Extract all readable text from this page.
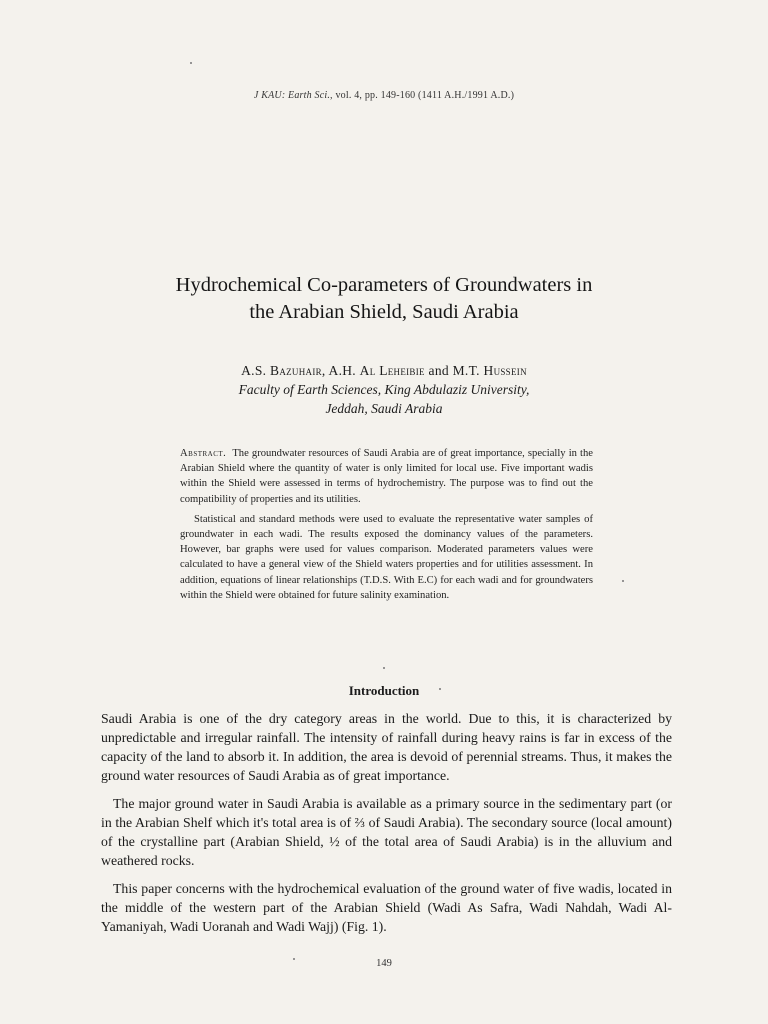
J KAU: Earth Sci., vol. 4, pp. 149-160 (1411 A.H./1991 A.D.)
Hydrochemical Co-parameters of Groundwaters in
the Arabian Shield, Saudi Arabia
A.S. Bazuhair, A.H. Al Leheibie and M.T. Hussein
Faculty of Earth Sciences, King Abdulaziz University,
Jeddah, Saudi Arabia

Abstract. The groundwater resources of Saudi Arabia are of great importance, specially in the Arabian Shield where the quantity of water is only limited for local use. Five important wadis within the Shield were assessed in terms of hydrochemistry. The purpose was to find out the compatibility of properties and its utilities.

Statistical and standard methods were used to evaluate the representative water samples of groundwater in each wadi. The results exposed the dominancy values of the parameters. However, bar graphs were used for values comparison. Moderated parameters values were calculated to have a general view of the Shield waters properties and for utilities assessment. In addition, equations of linear relationships (T.D.S. With E.C) for each wadi and for groundwaters within the Shield were obtained for future salinity examination.

Introduction

Saudi Arabia is one of the dry category areas in the world. Due to this, it is characterized by unpredictable and irregular rainfall. The intensity of rainfall during heavy rains is far in excess of the capacity of the land to absorb it. In addition, the area is devoid of perennial streams. Thus, it makes the ground water resources of Saudi Arabia as of great importance.

The major ground water in Saudi Arabia is available as a primary source in the sedimentary part (or in the Arabian Shelf which it's total area is of ⅔ of Saudi Arabia). The secondary source (local amount) of the crystalline part (Arabian Shield, ½ of the total area of Saudi Arabia) is in the alluvium and weathered rocks.

This paper concerns with the hydrochemical evaluation of the ground water of five wadis, located in the middle of the western part of the Arabian Shield (Wadi As Safra, Wadi Nahdah, Wadi Al-Yamaniyah, Wadi Uoranah and Wadi Wajj) (Fig. 1).

149
